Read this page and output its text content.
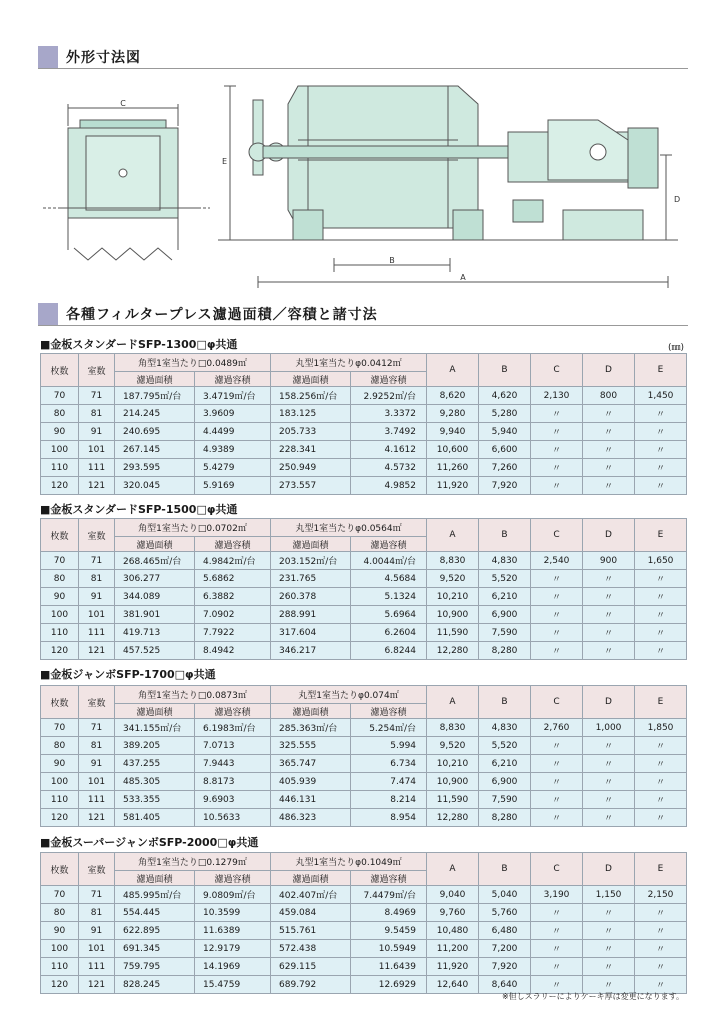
外形寸法図
C
E
B
A
D
各種フィルタープレス濾過面積／容積と諸寸法
■金板スタンダードSFP-1300□φ共通	(㎜)
枚数	室数	角型1室当たり□0.0489㎡		丸型1室当たりφ0.0412㎡		A	B	C	D	E
		濾過面積	濾過容積	濾過面積	濾過容積					
70	71	187.795㎡/台	3.4719㎥/台	158.256㎡/台	2.9252㎥/台	8,620	4,620	2,130	800	1,450
80	81	214.245	3.9609	183.125	3.3372	9,280	5,280	〃	〃	〃
90	91	240.695	4.4499	205.733	3.7492	9,940	5,940	〃	〃	〃
100	101	267.145	4.9389	228.341	4.1612	10,600	6,600	〃	〃	〃
110	111	293.595	5.4279	250.949	4.5732	11,260	7,260	〃	〃	〃
120	121	320.045	5.9169	273.557	4.9852	11,920	7,920	〃	〃	〃
■金板スタンダードSFP-1500□φ共通
枚数	室数	角型1室当たり□0.0702㎡		丸型1室当たりφ0.0564㎡		A	B	C	D	E
		濾過面積	濾過容積	濾過面積	濾過容積					
70	71	268.465㎡/台	4.9842㎥/台	203.152㎡/台	4.0044㎥/台	8,830	4,830	2,540	900	1,650
80	81	306.277	5.6862	231.765	4.5684	9,520	5,520	〃	〃	〃
90	91	344.089	6.3882	260.378	5.1324	10,210	6,210	〃	〃	〃
100	101	381.901	7.0902	288.991	5.6964	10,900	6,900	〃	〃	〃
110	111	419.713	7.7922	317.604	6.2604	11,590	7,590	〃	〃	〃
120	121	457.525	8.4942	346.217	6.8244	12,280	8,280	〃	〃	〃
■金板ジャンボSFP-1700□φ共通
枚数	室数	角型1室当たり□0.0873㎡		丸型1室当たりφ0.074㎡		A	B	C	D	E
		濾過面積	濾過容積	濾過面積	濾過容積					
70	71	341.155㎡/台	6.1983㎥/台	285.363㎡/台	5.254㎥/台	8,830	4,830	2,760	1,000	1,850
80	81	389.205	7.0713	325.555	5.994	9,520	5,520	〃	〃	〃
90	91	437.255	7.9443	365.747	6.734	10,210	6,210	〃	〃	〃
100	101	485.305	8.8173	405.939	7.474	10,900	6,900	〃	〃	〃
110	111	533.355	9.6903	446.131	8.214	11,590	7,590	〃	〃	〃
120	121	581.405	10.5633	486.323	8.954	12,280	8,280	〃	〃	〃
■金板スーパージャンボSFP-2000□φ共通
枚数	室数	角型1室当たり□0.1279㎡		丸型1室当たりφ0.1049㎡		A	B	C	D	E
		濾過面積	濾過容積	濾過面積	濾過容積					
70	71	485.995㎡/台	9.0809㎥/台	402.407㎡/台	7.4479㎥/台	9,040	5,040	3,190	1,150	2,150
80	81	554.445	10.3599	459.084	8.4969	9,760	5,760	〃	〃	〃
90	91	622.895	11.6389	515.761	9.5459	10,480	6,480	〃	〃	〃
100	101	691.345	12.9179	572.438	10.5949	11,200	7,200	〃	〃	〃
110	111	759.795	14.1969	629.115	11.6439	11,920	7,920	〃	〃	〃
120	121	828.245	15.4759	689.792	12.6929	12,640	8,640	〃	〃	〃
※但しスラリーによりケーキ厚は変更になります。
